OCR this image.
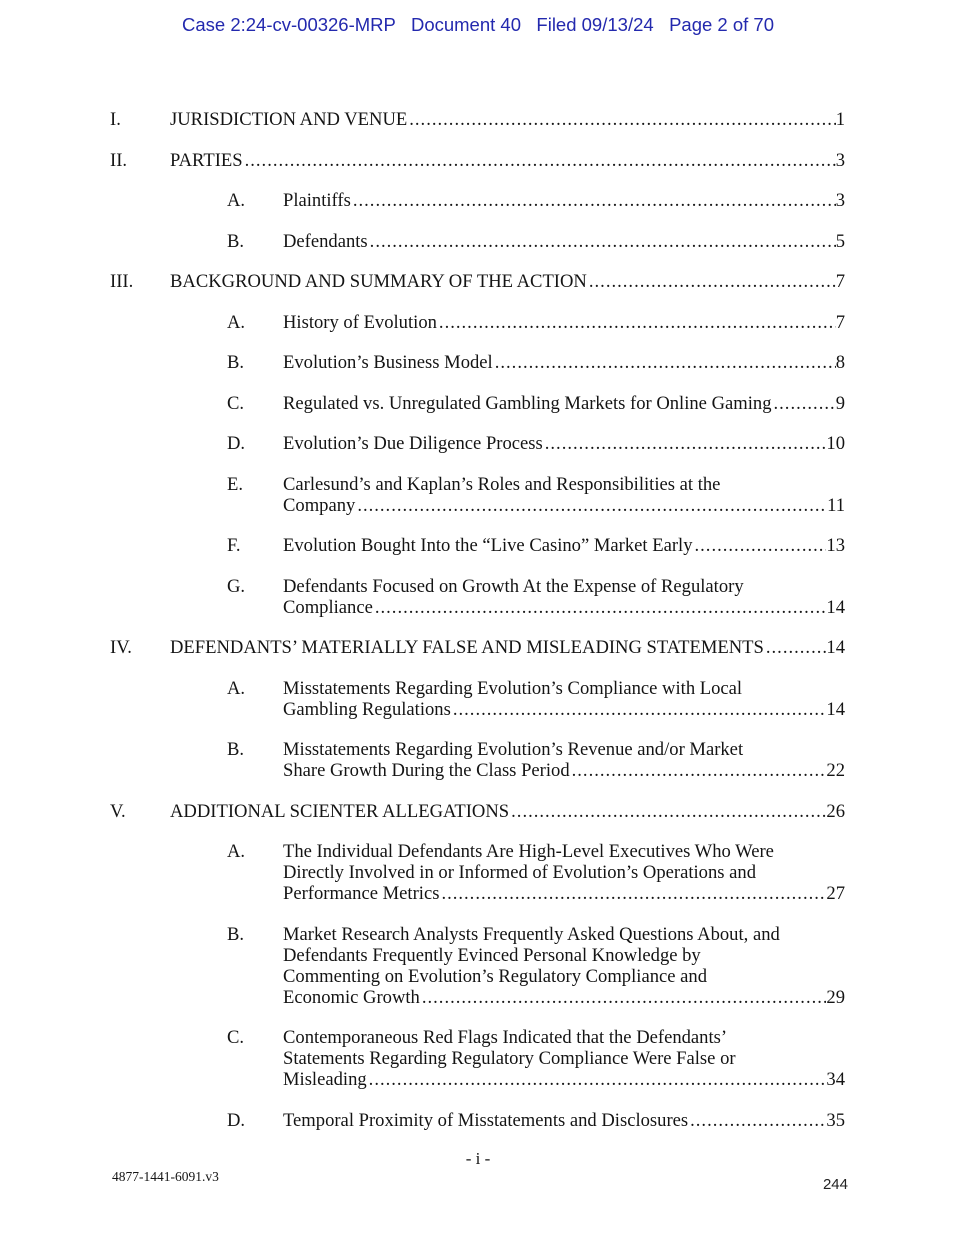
Case 2:24-cv-00326-MRP   Document 40   Filed 09/13/24   Page 2 of 70
I.	JURISDICTION AND VENUE .....	1
II.	PARTIES .....	3
A.	Plaintiffs .....	3
B.	Defendants .....	5
III.	BACKGROUND AND SUMMARY OF THE ACTION .....	7
A.	History of Evolution .....	7
B.	Evolution’s Business Model .....	8
C.	Regulated vs. Unregulated Gambling Markets for Online Gaming .....	9
D.	Evolution’s Due Diligence Process .....	10
E.	Carlesund’s and Kaplan’s Roles and Responsibilities at the
Company .....	11
F.	Evolution Bought Into the “Live Casino” Market Early .....	13
G.	Defendants Focused on Growth At the Expense of Regulatory
Compliance .....	14
IV.	DEFENDANTS’ MATERIALLY FALSE AND MISLEADING STATEMENTS .....	14
A.	Misstatements Regarding Evolution’s Compliance with Local
Gambling Regulations .....	14
B.	Misstatements Regarding Evolution’s Revenue and/or Market
Share Growth During the Class Period .....	22
V.	ADDITIONAL SCIENTER ALLEGATIONS .....	26
A.	The Individual Defendants Are High-Level Executives Who Were
Directly Involved in or Informed of Evolution’s Operations and
Performance Metrics .....	27
B.	Market Research Analysts Frequently Asked Questions About, and
Defendants Frequently Evinced Personal Knowledge by
Commenting on Evolution’s Regulatory Compliance and
Economic Growth .....	29
C.	Contemporaneous Red Flags Indicated that the Defendants’
Statements Regarding Regulatory Compliance Were False or
Misleading .....	34
D.	Temporal Proximity of Misstatements and Disclosures .....	35
- i -
4877-1441-6091.v3	244
